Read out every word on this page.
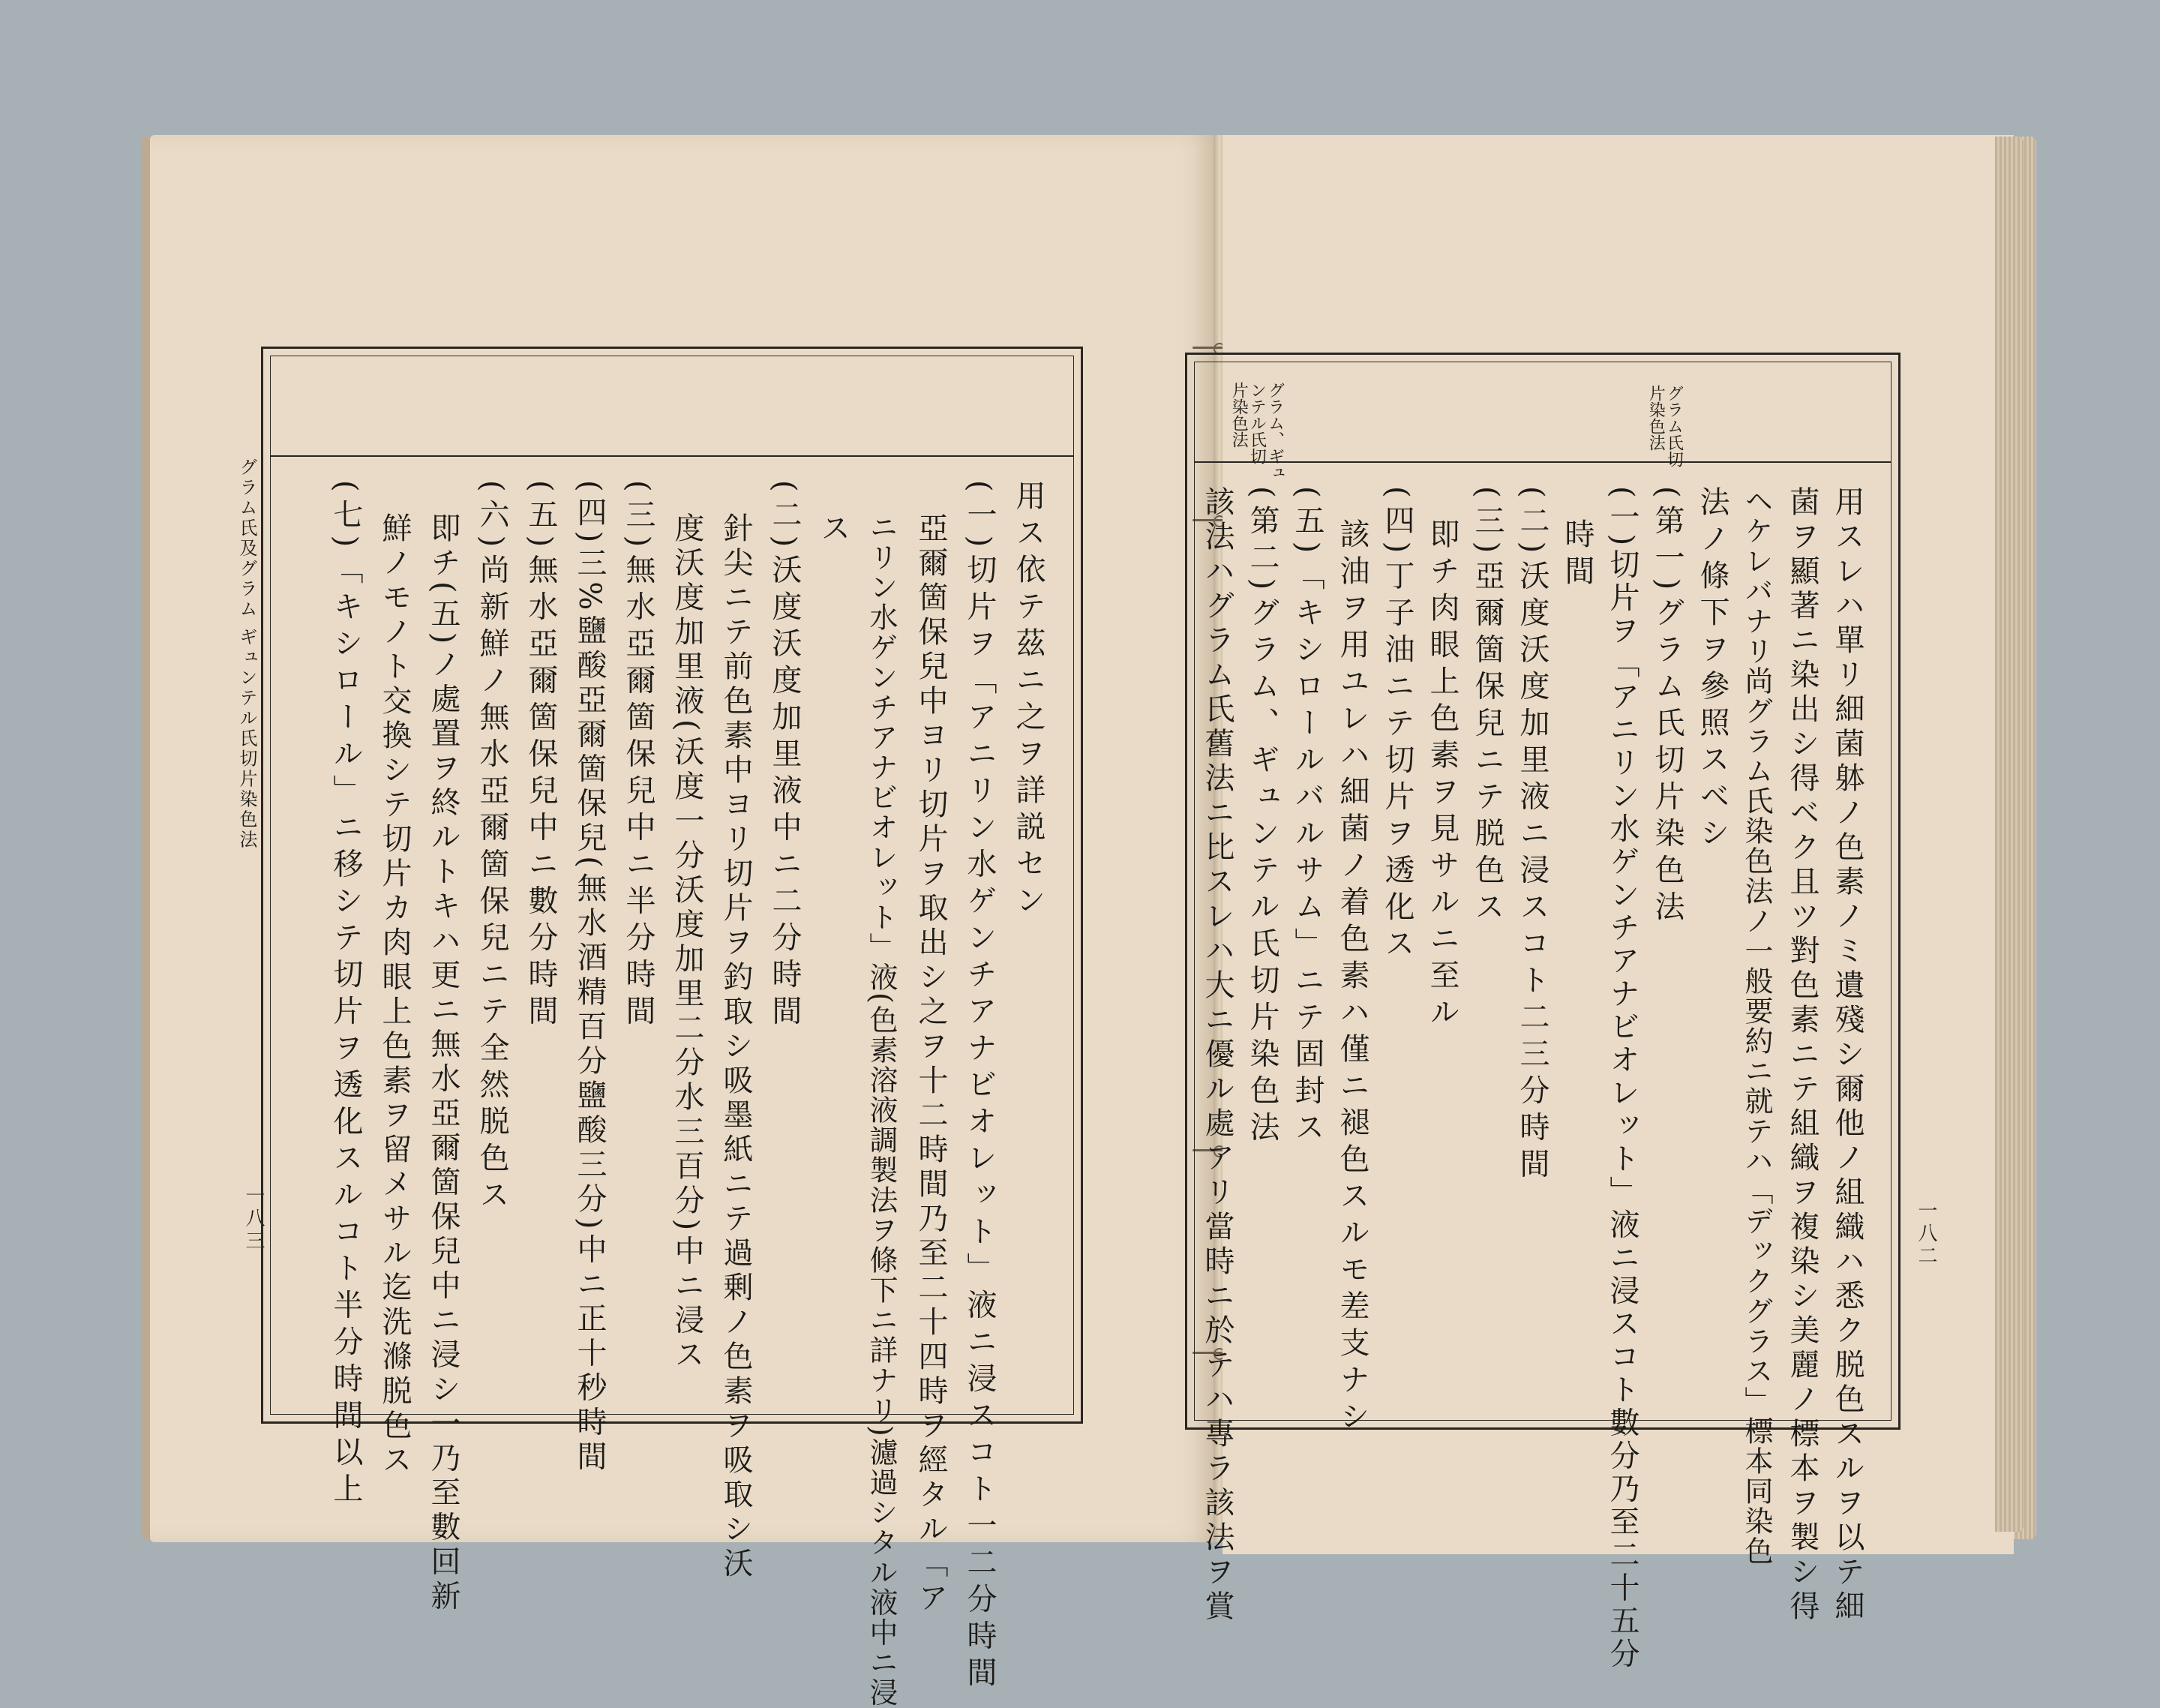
グラム氏及グラム ギュンテル氏切片染色法
一八三
用ス依テ茲ニ之ヲ詳説セン
(一)切片ヲ「アニリン水ゲンチアナビオレット」液ニ浸スコト一二分時間
亞爾箇保兒中ヨリ切片ヲ取出シ之ヲ十二時間乃至二十四時ヲ經タル「ア
ニリン水ゲンチアナビオレット」液(色素溶液調製法ヲ條下ニ詳ナリ)濾過シタル液中ニ浸
ス
(二)沃度沃度加里液中ニ二分時間
針尖ニテ前色素中ヨリ切片ヲ釣取シ吸墨紙ニテ過剰ノ色素ヲ吸取シ沃
度沃度加里液(沃度一分沃度加里二分水三百分)中ニ浸ス
(三)無水亞爾箇保兒中ニ半分時間
(四)三%鹽酸亞爾箇保兒(無水酒精百分鹽酸三分)中ニ正十秒時間
(五)無水亞爾箇保兒中ニ數分時間
(六)尚新鮮ノ無水亞爾箇保兒ニテ全然脱色ス
即チ(五)ノ處置ヲ終ルトキハ更ニ無水亞爾箇保兒中ニ浸シ一乃至數回新
鮮ノモノト交換シテ切片カ肉眼上色素ヲ留メサル迄洗滌脱色ス
(七)「キシロール」ニ移シテ切片ヲ透化スルコト半分時間以上	一八二
グラム氏切
片染色法
グラム、ギュ
ンテル氏切
片染色法
用スレハ單リ細菌躰ノ色素ノミ遺殘シ爾他ノ組織ハ悉ク脱色スルヲ以テ細
菌ヲ顯著ニ染出シ得ベク且ツ對色素ニテ組織ヲ複染シ美麗ノ標本ヲ製シ得
ヘケレバナリ尚グラム氏染色法ノ一般要約ニ就テハ「デックグラス」標本同染色
法ノ條下ヲ參照スベシ
(第一)グラム氏切片染色法
(一)切片ヲ「アニリン水ゲンチアナビオレット」液ニ浸スコト數分乃至二十五分
時間
(二)沃度沃度加里液ニ浸スコト二三分時間
(三)亞爾箇保兒ニテ脱色ス
即チ肉眼上色素ヲ見サルニ至ル
(四)丁子油ニテ切片ヲ透化ス
該油ヲ用ユレハ細菌ノ着色素ハ僅ニ褪色スルモ差支ナシ
(五)「キシロールバルサム」ニテ固封ス
(第二)グラム、ギュンテル氏切片染色法
該法ハグラム氏舊法ニ比スレハ大ニ優ル處アリ當時ニ於テハ專ラ該法ヲ賞
